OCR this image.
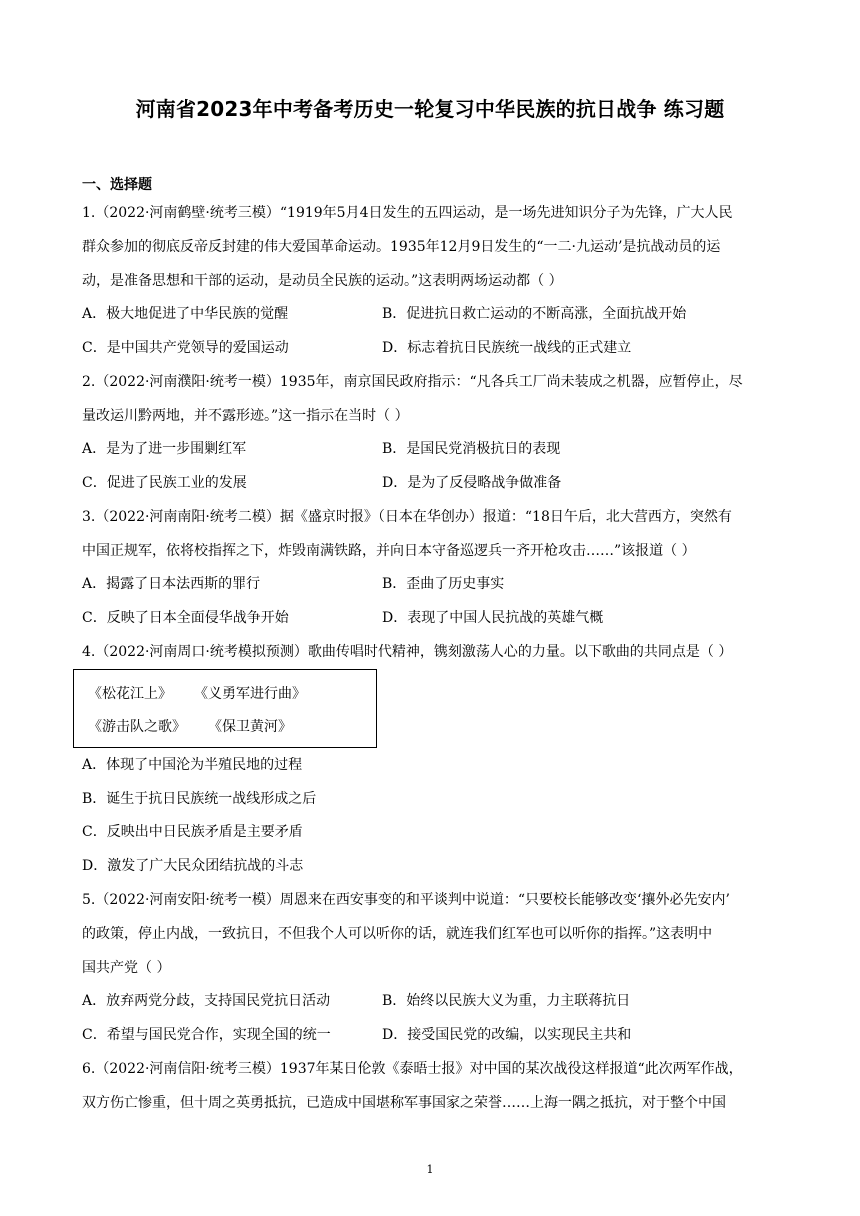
河南省2023年中考备考历史一轮复习中华民族的抗日战争 练习题
一、选择题
1.（2022·河南鹤壁·统考三模）“1919年5月4日发生的五四运动，是一场先进知识分子为先锋，广大人民
群众参加的彻底反帝反封建的伟大爱国革命运动。1935年12月9日发生的“一二·九运动’是抗战动员的运
动，是准备思想和干部的运动，是动员全民族的运动。”这表明两场运动都（ ）
A．极大地促进了中华民族的觉醒	B．促进抗日救亡运动的不断高涨，全面抗战开始
C．是中国共产党领导的爱国运动	D．标志着抗日民族统一战线的正式建立
2.（2022·河南濮阳·统考一模）1935年，南京国民政府指示：“凡各兵工厂尚未装成之机器，应暂停止，尽
量改运川黔两地，并不露形迹。”这一指示在当时（ ）
A．是为了进一步围剿红军	B．是国民党消极抗日的表现
C．促进了民族工业的发展	D．是为了反侵略战争做准备
3.（2022·河南南阳·统考二模）据《盛京时报》（日本在华创办）报道：“18日午后，北大营西方，突然有
中国正规军，依将校指挥之下，炸毁南满铁路，并向日本守备巡逻兵一齐开枪攻击……”该报道（ ）
A．揭露了日本法西斯的罪行	B．歪曲了历史事实
C．反映了日本全面侵华战争开始	D．表现了中国人民抗战的英雄气概
4.（2022·河南周口·统考模拟预测）歌曲传唱时代精神，镌刻激荡人心的力量。以下歌曲的共同点是（ ）
《松花江上》 《义勇军进行曲》
《游击队之歌》 《保卫黄河》
A．体现了中国沦为半殖民地的过程
B．诞生于抗日民族统一战线形成之后
C．反映出中日民族矛盾是主要矛盾
D．激发了广大民众团结抗战的斗志
5.（2022·河南安阳·统考一模）周恩来在西安事变的和平谈判中说道：“只要校长能够改变‘攘外必先安内’
的政策，停止内战，一致抗日，不但我个人可以听你的话，就连我们红军也可以听你的指挥。”这表明中
国共产党（ ）
A．放弃两党分歧，支持国民党抗日活动	B．始终以民族大义为重，力主联蒋抗日
C．希望与国民党合作，实现全国的统一	D．接受国民党的改编，以实现民主共和
6.（2022·河南信阳·统考三模）1937年某日伦敦《泰晤士报》对中国的某次战役这样报道“此次两军作战，
双方伤亡惨重，但十周之英勇抵抗，已造成中国堪称军事国家之荣誉……上海一隅之抵抗，对于整个中国
1
